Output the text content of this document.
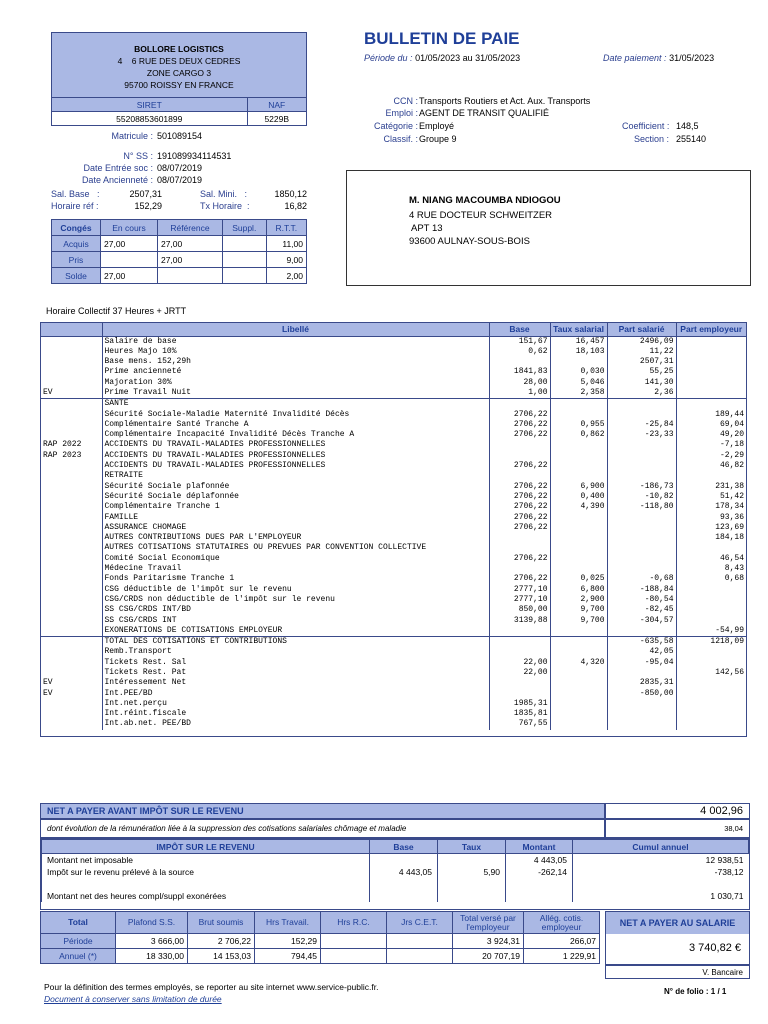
BOLLORE LOGISTICS
4    6 RUE DES DEUX CEDRES
ZONE CARGO 3
95700 ROISSY EN FRANCE
SIRET	NAF
55208853601899	5229B
Matricule : 501089154
N° SS : 191089934114531
Date Entrée soc : 08/07/2019
Date Ancienneté : 08/07/2019
Sal. Base   :	2507,31	Sal. Mini.   :	1850,12
Horaire réf :	152,29	Tx Horaire  :	16,82
Congés	En cours	Référence	Suppl.	R.T.T.
Acquis	27,00	27,00		11,00
Pris		27,00		9,00
Solde	27,00			2,00
BULLETIN DE PAIE
Période du : 01/05/2023 au 31/05/2023	Date paiement : 31/05/2023
CCN : Transports Routiers et Act. Aux. Transports
Emploi : AGENT DE TRANSIT QUALIFIÉ
Catégorie : Employé	Coefficient : 148,5
Classif. : Groupe 9	Section : 255140
M. NIANG MACOUMBA NDIOGOU
4 RUE DOCTEUR SCHWEITZER
APT 13
93600 AULNAY-SOUS-BOIS
Horaire Collectif 37 Heures + JRTT
	Libellé	Base	Taux salarial	Part salarié	Part employeur
	Salaire de base	151,67	16,457	2496,09	
	Heures Majo 10%	0,62	18,103	11,22	
	Base mens. 152,29h			2507,31	
	Prime ancienneté	1841,83	0,030	55,25	
	Majoration 30%	28,00	5,046	141,30	
EV	Prime Travail Nuit	1,00	2,358	2,36	
	SANTÉ				
	Sécurité Sociale-Maladie Maternité Invalidité Décès	2706,22			189,44
	Complémentaire Santé Tranche A	2706,22	0,955	-25,84	69,04
	Complémentaire Incapacité Invalidité Décès Tranche A	2706,22	0,862	-23,33	49,20
RAP 2022	ACCIDENTS DU TRAVAIL-MALADIES PROFESSIONNELLES				-7,18
RAP 2023	ACCIDENTS DU TRAVAIL-MALADIES PROFESSIONNELLES				-2,29
	ACCIDENTS DU TRAVAIL-MALADIES PROFESSIONNELLES	2706,22			46,82
	RETRAITE				
	Sécurité Sociale plafonnée	2706,22	6,900	-186,73	231,38
	Sécurité Sociale déplafonnée	2706,22	0,400	-10,82	51,42
	Complémentaire Tranche 1	2706,22	4,390	-118,80	178,34
	FAMILLE	2706,22			93,36
	ASSURANCE CHÔMAGE	2706,22			123,69
	AUTRES CONTRIBUTIONS DUES PAR L'EMPLOYEUR				184,18
	AUTRES COTISATIONS STATUTAIRES OU PRÉVUES PAR CONVENTION COLLECTIVE				
	Comité Social Economique	2706,22			46,54
	Médecine Travail				8,43
	Fonds Paritarisme Tranche 1	2706,22	0,025	-0,68	0,68
	CSG déductible de l'impôt sur le revenu	2777,10	6,800	-188,84	
	CSG/CRDS non déductible de l'impôt sur le revenu	2777,10	2,900	-80,54	
	SS CSG/CRDS INT/BD	850,00	9,700	-82,45	
	SS CSG/CRDS INT	3139,88	9,700	-304,57	
	EXONÉRATIONS DE COTISATIONS EMPLOYEUR				-54,99
	TOTAL DES COTISATIONS ET CONTRIBUTIONS			-635,58	1218,09
	Remb.Transport			42,05	
	Tickets Rest. Sal	22,00	4,320	-95,04	
	Tickets Rest. Pat	22,00			142,56
EV	Intéressement Net			2835,31	
EV	Int.PEE/BD			-850,00	
	Int.net.perçu	1985,31			
	Int.réint.fiscale	1835,81			
	Int.ab.net. PEE/BD	767,55			
NET A PAYER AVANT IMPÔT SUR LE REVENU	4 002,96
dont évolution de la rémunération liée à la suppression des cotisations salariales chômage et maladie	38,04
IMPÔT SUR LE REVENU	Base	Taux	Montant	Cumul annuel
Montant net imposable			4 443,05	12 938,51
Impôt sur le revenu prélevé à la source	4 443,05	5,90	-262,14	-738,12

Montant net des heures compl/suppl exonérées				1 030,71
Total	Plafond S.S.	Brut soumis	Hrs Travail.	Hrs R.C.	Jrs C.E.T.	Total versé par l'employeur	Allég. cotis. employeur
Période	3 666,00	2 706,22	152,29			3 924,31	266,07
Annuel (*)	18 330,00	14 153,03	794,45			20 707,19	1 229,91
NET A PAYER AU SALARIE
3 740,82 €
V. Bancaire
Pour la définition des termes employés, se reporter au site internet www.service-public.fr.
Document à conserver sans limitation de durée
N° de folio : 1 / 1
